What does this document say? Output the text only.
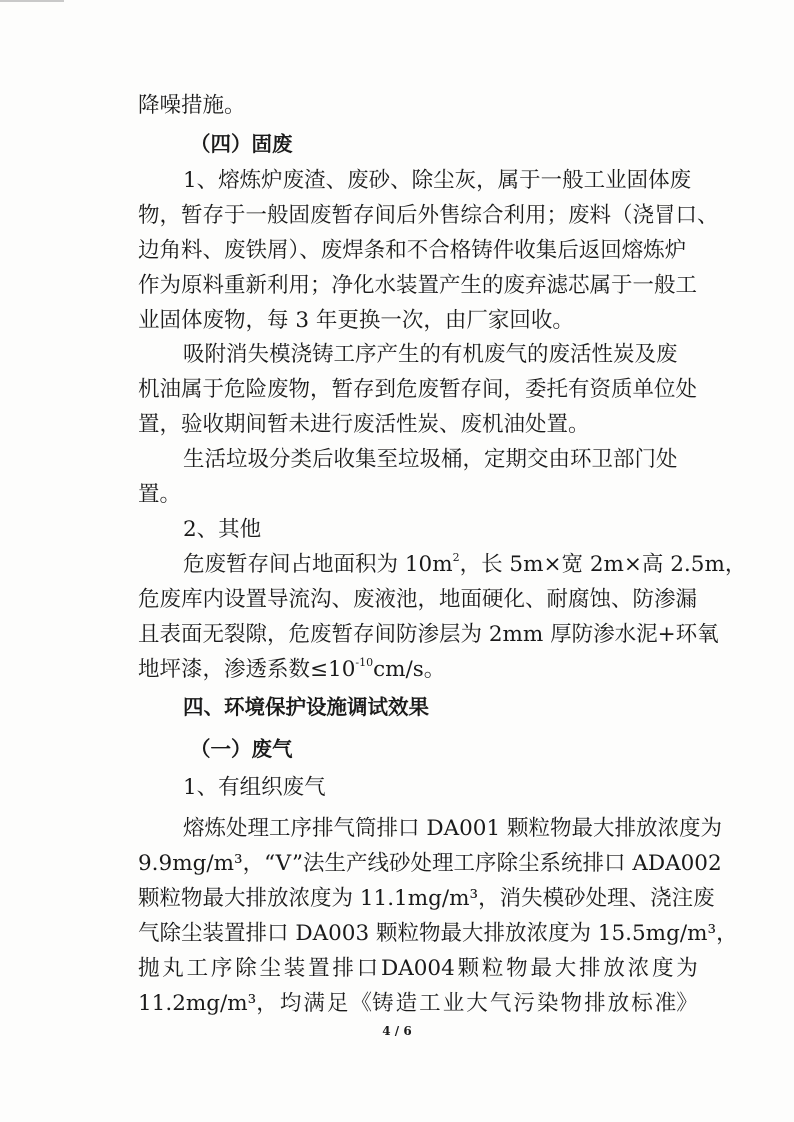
降噪措施。
（四）固废
1、熔炼炉废渣、废砂、除尘灰，属于一般工业固体废
物，暂存于一般固废暂存间后外售综合利用；废料（浇冒口、
边角料、废铁屑）、废焊条和不合格铸件收集后返回熔炼炉
作为原料重新利用；净化水装置产生的废弃滤芯属于一般工
业固体废物，每 3 年更换一次，由厂家回收。
吸附消失模浇铸工序产生的有机废气的废活性炭及废
机油属于危险废物，暂存到危废暂存间，委托有资质单位处
置，验收期间暂未进行废活性炭、废机油处置。
生活垃圾分类后收集至垃圾桶，定期交由环卫部门处
置。
2、其他
危废暂存间占地面积为 $10m^2$，长 5m×宽 2m×高 2.5m，
危废库内设置导流沟、废液池，地面硬化、耐腐蚀、防渗漏
且表面无裂隙，危废暂存间防渗层为 2mm 厚防渗水泥+环氧
地坪漆，渗透系数$\le 10^{-10}cm/s$。
四、环境保护设施调试效果
（一）废气
1、有组织废气
熔炼处理工序排气筒排口 DA001 颗粒物最大排放浓度为
9.9mg/m³，“V”法生产线砂处理工序除尘系统排口 ADA002
颗粒物最大排放浓度为 11.1mg/m³，消失模砂处理、浇注废
气除尘装置排口 DA003 颗粒物最大排放浓度为 15.5mg/m³，
抛 丸 工 序 除 尘 装 置 排 口 DA004 颗 粒 物 最 大 排 放 浓 度 为
11.2mg/m³， 均 满 足 《铸 造 工 业 大 气 污 染 物 排 放 标 准》
4 / 6
